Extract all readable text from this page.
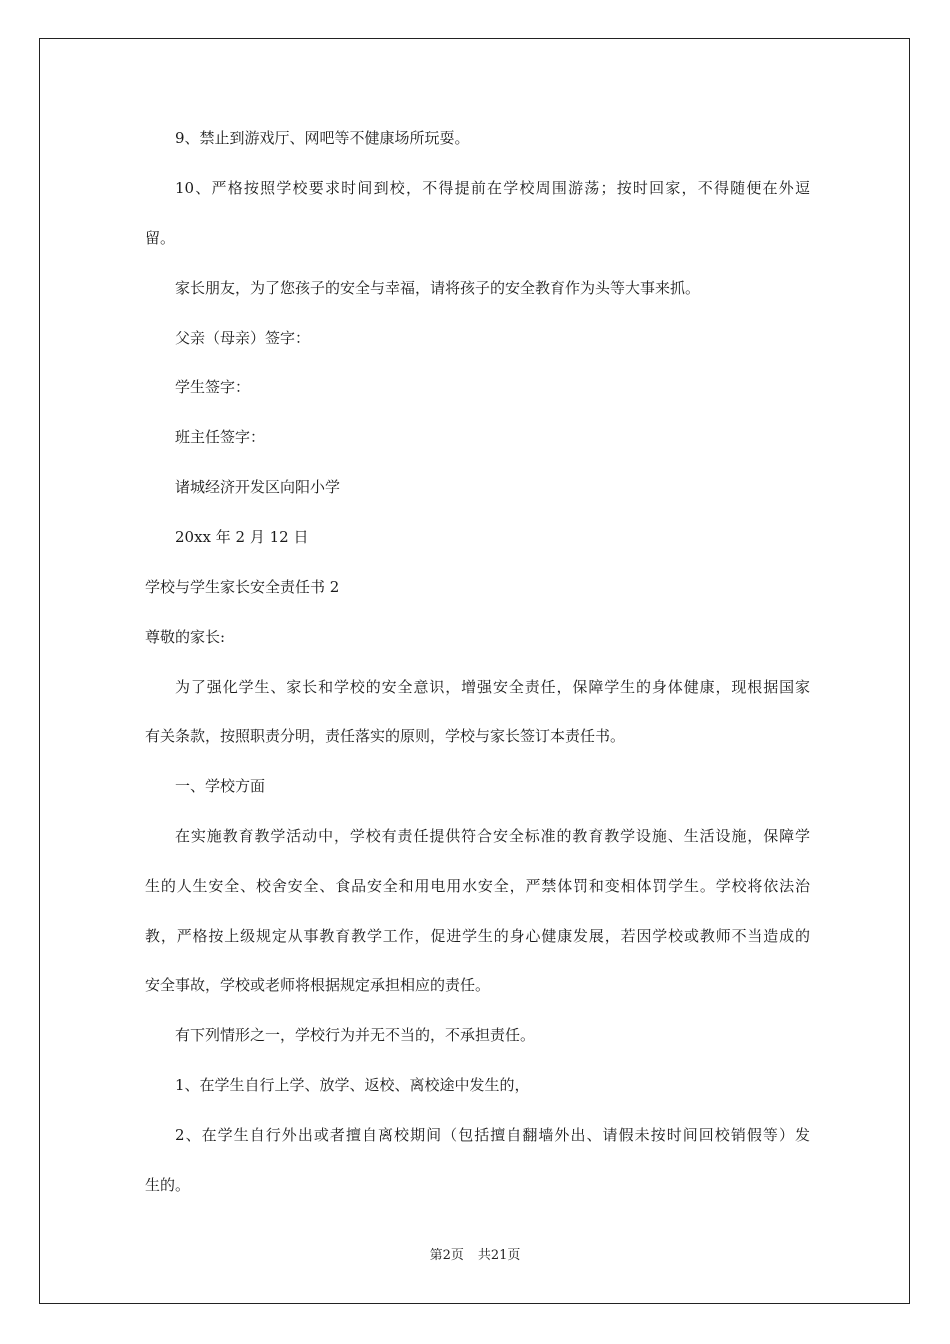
9、禁止到游戏厅、网吧等不健康场所玩耍。
10、严格按照学校要求时间到校，不得提前在学校周围游荡；按时回家，不得随便在外逗
留。
家长朋友，为了您孩子的安全与幸福，请将孩子的安全教育作为头等大事来抓。
父亲（母亲）签字：
学生签字：
班主任签字：
诸城经济开发区向阳小学
20xx 年 2 月 12 日
学校与学生家长安全责任书 2
尊敬的家长:
为了强化学生、家长和学校的安全意识，增强安全责任，保障学生的身体健康，现根据国家
有关条款，按照职责分明，责任落实的原则，学校与家长签订本责任书。
一、学校方面
在实施教育教学活动中，学校有责任提供符合安全标准的教育教学设施、生活设施，保障学
生的人生安全、校舍安全、食品安全和用电用水安全，严禁体罚和变相体罚学生。学校将依法治
教，严格按上级规定从事教育教学工作，促进学生的身心健康发展，若因学校或教师不当造成的
安全事故，学校或老师将根据规定承担相应的责任。
有下列情形之一，学校行为并无不当的，不承担责任。
1、在学生自行上学、放学、返校、离校途中发生的，
2、在学生自行外出或者擅自离校期间（包括擅自翻墙外出、请假未按时间回校销假等）发
生的。
第2页 共21页
